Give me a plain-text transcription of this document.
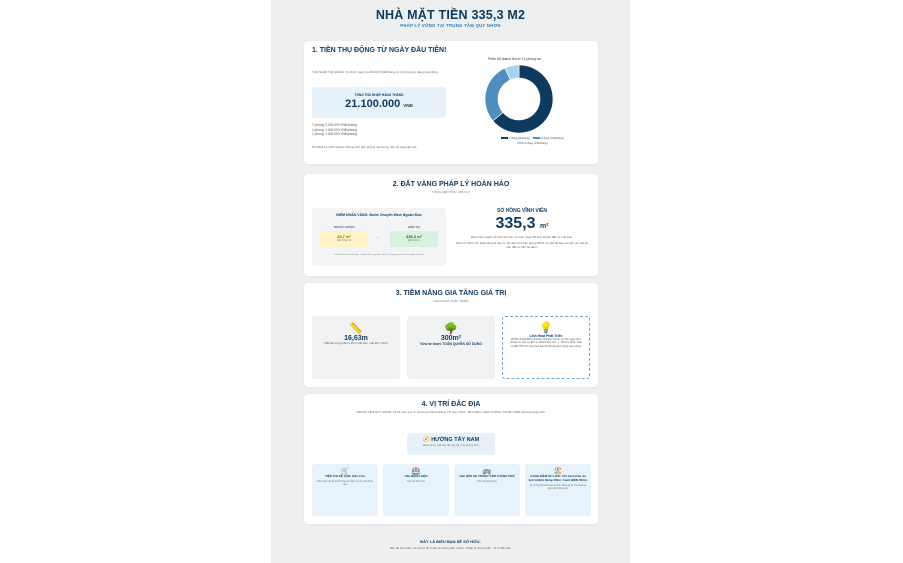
NHÀ MẶT TIỀN 335,3 M2
PHÁP LÝ VỮNG TẠI TRUNG TÂM QUY NHƠN
1. TIỀN THỤ ĐỘNG TỪ NGÀY ĐẦU TIÊN!
THU NHẬP THỤ ĐỘNG: Ổn định ngay 21.100.000 VNĐ/tháng từ 12 phòng trọ đang hoạt động.
TỔNG THU NHẬP HÀNG THÁNG
21.100.000 VNĐ
7 phòng: 2.000.000 VNĐ/phòng
4 phòng: 1.600.000 VNĐ/phòng
1 phòng: 1.500.000 VNĐ/phòng
ỔN ĐỊNH & SẴN SÀNG: Không chờ đợi, không xây dựng, tiền về ngay lập tức.
Phân bổ doanh thu từ 12 phòng trọ
7 phòng (2tr/phòng)	4 phòng (1.6tr/phòng)
1 phòng (1.5tr/phòng)
2. ĐẤT VÀNG PHÁP LÝ HOÀN HẢO
TỔNG DIỆN TÍCH: 335,3 m²
ĐIỂM NHẤN VÀNG: Bước Chuyển Mình Ngoạn Mục
TRƯỚC 10/2024
49,7 m²
Đất ở thực tế
→
HIỆN TẠI
335,3 m²
Đất ở đô thị
Toàn bộ 335,3 m² đã được chuyển đổi sang đất ở đô thị. Tăng giá trị tài sản lên gấp nhiều lần.
SỔ HỒNG VĨNH VIỄN
335,3 m²
Đảm bảo quyền sở hữu lâu dài, an toàn tuyệt đối cho khoản đầu tư của bạn.
NHÀ Ở SẴN CÓ: Nhà riêng là cấp IV với diện tích xây dựng 285,6 m². Đã để bạn ưu tiên về mặt tài sản đất có sẵn hạ tầng.
3. TIỀM NĂNG GIA TĂNG GIÁ TRỊ
LINH HOẠT PHÁT TRIỂN
📏
16,63m
Mặt tiền rộng 25m x 16m mặt sàn, mặt tiền TLKD
🌳
300m²
Vừa hè được TOÀN QUYỀN SỬ DỤNG
💡
Linh Hoạt Phát Triển
PHÂN LÔ ĐỂ BÁN LẺ hoặc phát triển dự án lớn hơn (xây thêm phòng trọ, căn hộ dịch vụ, khách sạn mini...). TỐI ƯU HÓA: Toàn bộ đất THỔ CƯ cho phép bạn tối đa hóa giá trị từng mét vuông.
4. VỊ TRÍ ĐẮC ĐỊA
TRUNG TÂM QUY NHƠN: Tổ 16, khu vực 3, phường Ghềnh Ráng, TP. Quy Nhơn, Bình Định. GIAO THÔNG THUẬN TIỆN: Đường rộng 10m.
🧭 HƯỚNG TÂY NAM
Mang lại sự mát mẻ, đón gió tốt, hợp phong thủy.
🛒
TIỆN ÍCH KỀ CẬN: Gần Chợ
Đảm bảo nguồn khách thuê ổn định và nhu cầu thuê cao.
🏥
Gần BỆNH VIỆN
Tiện ích thiết yếu
🚌
Gần BẾN XE TRUNG TÂM THÀNH PHỐ
Kết nối giao thông
🏖️
CẠNH ĐIỂM DU LỊCH: Chỉ cách Khu du lịch Ghềnh Ráng 200m. Cách BIỂN 500m.
Lý tưởng để khai thác du lịch, tăng giá trị cho thuê và giá trị bất động sản.
ĐÂY LÀ ĐIỀU BẠN SẼ SỞ HỮU:
Một tài sản hiếm có, hội tụ đủ 3 yếu tố: Dòng tiền mạnh - Pháp lý vững chắc - Vị trí đắc địa.
